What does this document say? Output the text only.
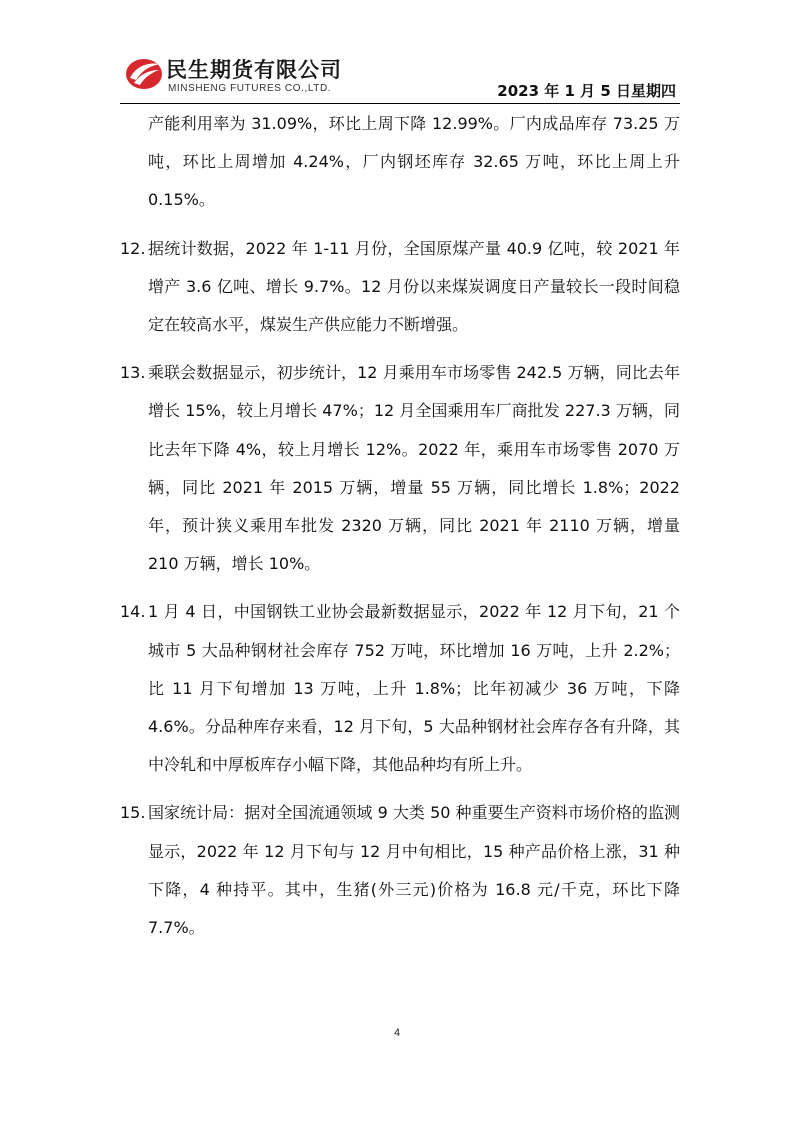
民生期货有限公司
MINSHENG FUTURES CO.,LTD.	2023 年 1 月 5 日星期四

产能利用率为 31.09%，环比上周下降 12.99%。厂内成品库存 73.25 万吨，环比上周增加 4.24%，厂内钢坯库存 32.65 万吨，环比上周上升 0.15%。

12. 据统计数据，2022 年 1-11 月份，全国原煤产量 40.9 亿吨，较 2021 年增产 3.6 亿吨、增长 9.7%。12 月份以来煤炭调度日产量较长一段时间稳定在较高水平，煤炭生产供应能力不断增强。

13. 乘联会数据显示，初步统计，12 月乘用车市场零售 242.5 万辆，同比去年增长 15%，较上月增长 47%；12 月全国乘用车厂商批发 227.3 万辆，同比去年下降 4%，较上月增长 12%。2022 年，乘用车市场零售 2070 万辆，同比 2021 年 2015 万辆，增量 55 万辆，同比增长 1.8%；2022 年，预计狭义乘用车批发 2320 万辆，同比 2021 年 2110 万辆，增量 210 万辆，增长 10%。

14. 1 月 4 日，中国钢铁工业协会最新数据显示，2022 年 12 月下旬，21 个城市 5 大品种钢材社会库存 752 万吨，环比增加 16 万吨，上升 2.2%；比 11 月下旬增加 13 万吨，上升 1.8%；比年初减少 36 万吨，下降 4.6%。分品种库存来看，12 月下旬，5 大品种钢材社会库存各有升降，其中冷轧和中厚板库存小幅下降，其他品种均有所上升。

15. 国家统计局：据对全国流通领域 9 大类 50 种重要生产资料市场价格的监测显示，2022 年 12 月下旬与 12 月中旬相比，15 种产品价格上涨，31 种下降，4 种持平。其中，生猪(外三元)价格为 16.8 元/千克，环比下降 7.7%。

4
